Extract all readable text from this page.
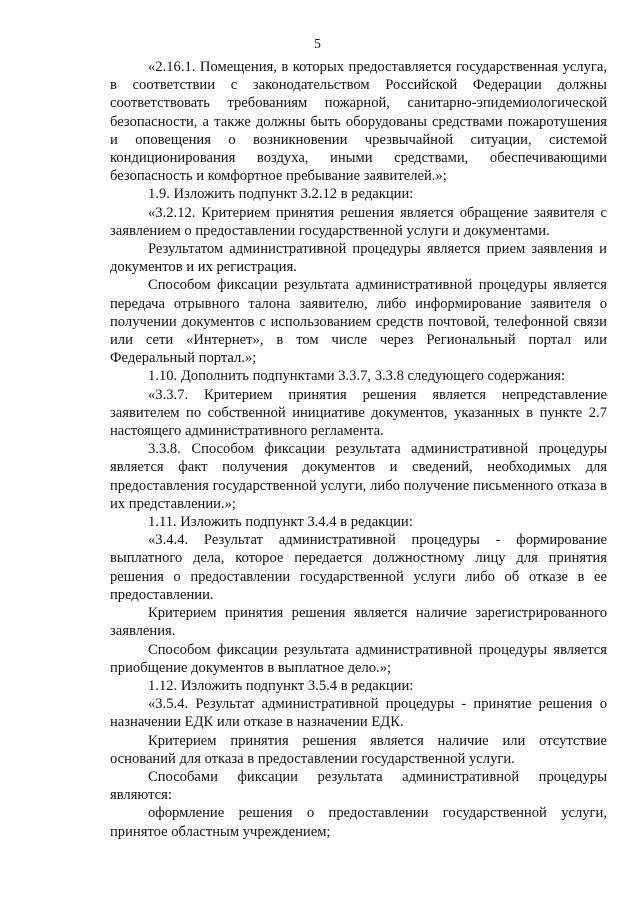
5

«2.16.1. Помещения, в которых предоставляется государственная услуга, в соответствии с законодательством Российской Федерации должны соответствовать требованиям пожарной, санитарно-эпидемиологической безопасности, а также должны быть оборудованы средствами пожаротушения и оповещения о возникновении чрезвычайной ситуации, системой кондиционирования воздуха, иными средствами, обеспечивающими безопасность и комфортное пребывание заявителей.»;

1.9. Изложить подпункт 3.2.12 в редакции:

«3.2.12. Критерием принятия решения является обращение заявителя с заявлением о предоставлении государственной услуги и документами.

Результатом административной процедуры является прием заявления и документов и их регистрация.

Способом фиксации результата административной процедуры является передача отрывного талона заявителю, либо информирование заявителя о получении документов с использованием средств почтовой, телефонной связи или сети «Интернет», в том числе через Региональный портал или Федеральный портал.»;

1.10. Дополнить подпунктами 3.3.7, 3.3.8 следующего содержания:

«3.3.7. Критерием принятия решения является непредставление заявителем по собственной инициативе документов, указанных в пункте 2.7 настоящего административного регламента.

3.3.8. Способом фиксации результата административной процедуры является факт получения документов и сведений, необходимых для предоставления государственной услуги, либо получение письменного отказа в их представлении.»;

1.11. Изложить подпункт 3.4.4 в редакции:

«3.4.4. Результат административной процедуры - формирование выплатного дела, которое передается должностному лицу для принятия решения о предоставлении государственной услуги либо об отказе в ее предоставлении.

Критерием принятия решения является наличие зарегистрированного заявления.

Способом фиксации результата административной процедуры является приобщение документов в выплатное дело.»;

1.12. Изложить подпункт 3.5.4 в редакции:

«3.5.4. Результат административной процедуры - принятие решения о назначении ЕДК или отказе в назначении ЕДК.

Критерием принятия решения является наличие или отсутствие оснований для отказа в предоставлении государственной услуги.

Способами фиксации результата административной процедуры являются:

оформление решения о предоставлении государственной услуги, принятое областным учреждением;
